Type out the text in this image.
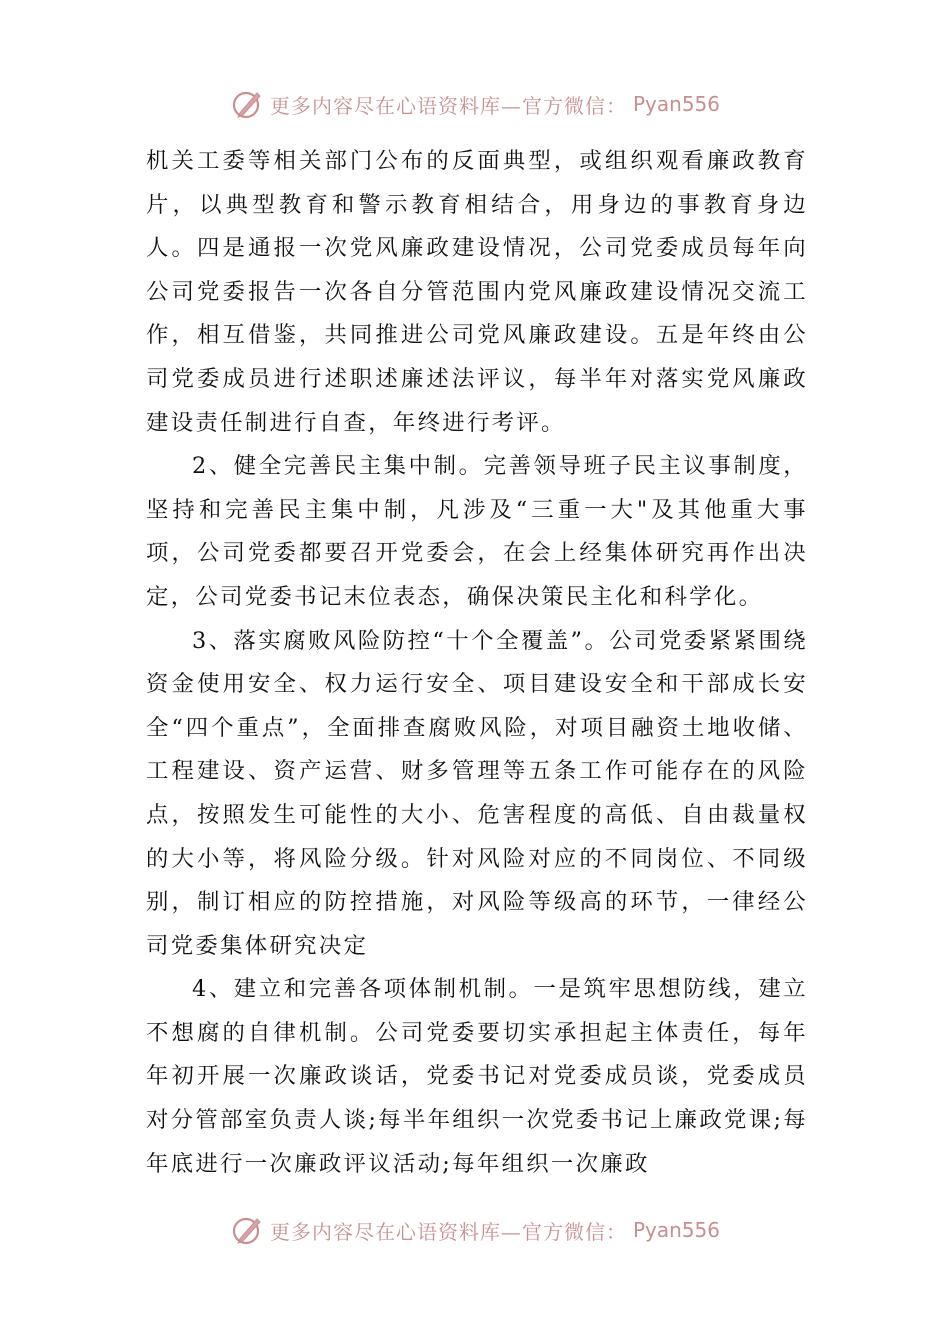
更多内容尽在心语资料库—官方微信： Pyan556

机关工委等相关部门公布的反面典型，或组织观看廉政教育片，以典型教育和警示教育相结合，用身边的事教育身边人。四是通报一次党风廉政建设情况，公司党委成员每年向公司党委报告一次各自分管范围内党风廉政建设情况交流工作，相互借鉴，共同推进公司党风廉政建设。五是年终由公司党委成员进行述职述廉述法评议，每半年对落实党风廉政建设责任制进行自查，年终进行考评。

2、健全完善民主集中制。完善领导班子民主议事制度，坚持和完善民主集中制，凡涉及“三重一大"及其他重大事项，公司党委都要召开党委会，在会上经集体研究再作出决定，公司党委书记末位表态，确保决策民主化和科学化。

3、落实腐败风险防控“十个全覆盖”。公司党委紧紧围绕资金使用安全、权力运行安全、项目建设安全和干部成长安全“四个重点”，全面排查腐败风险，对项目融资土地收储、工程建设、资产运营、财多管理等五条工作可能存在的风险点，按照发生可能性的大小、危害程度的高低、自由裁量权的大小等，将风险分级。针对风险对应的不同岗位、不同级别，制订相应的防控措施，对风险等级高的环节，一律经公司党委集体研究决定

4、建立和完善各项体制机制。一是筑牢思想防线，建立不想腐的自律机制。公司党委要切实承担起主体责任，每年年初开展一次廉政谈话，党委书记对党委成员谈，党委成员对分管部室负责人谈;每半年组织一次党委书记上廉政党课;每年底进行一次廉政评议活动;每年组织一次廉政

更多内容尽在心语资料库—官方微信： Pyan556
